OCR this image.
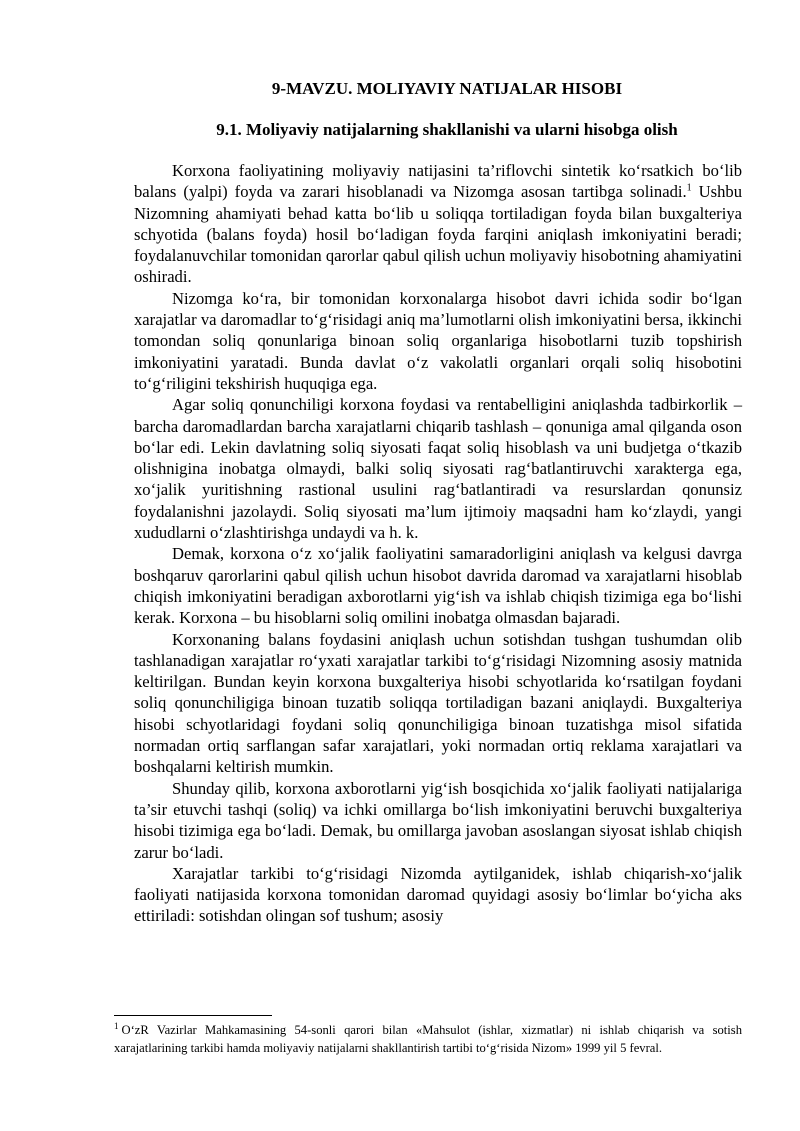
9-MAVZU. MOLIYAVIY NATIJALAR HISOBI
9.1. Moliyaviy natijalarning shakllanishi va ularni hisobga olish

Korxona faoliyatining moliyaviy natijasini ta’riflovchi sintetik ko‘rsatkich bo‘lib balans (yalpi) foyda va zarari hisoblanadi va Nizomga asosan tartibga solinadi.$^1$ Ushbu Nizomning ahamiyati behad katta bo‘lib u soliqqa tortiladigan foyda bilan buxgalteriya schyotida (balans foyda) hosil bo‘ladigan foyda farqini aniqlash imkoniyatini beradi; foydalanuvchilar tomonidan qarorlar qabul qilish uchun moliyaviy hisobotning ahamiyatini oshiradi.

Nizomga ko‘ra, bir tomonidan korxonalarga hisobot davri ichida sodir bo‘lgan xarajatlar va daromadlar to‘g‘risidagi aniq ma’lumotlarni olish imkoniyatini bersa, ikkinchi tomondan soliq qonunlariga binoan soliq organlariga hisobotlarni tuzib topshirish imkoniyatini yaratadi. Bunda davlat o‘z vakolatli organlari orqali soliq hisobotini to‘g‘riligini tekshirish huquqiga ega.

Agar soliq qonunchiligi korxona foydasi va rentabelligini aniqlashda tadbirkorlik – barcha daromadlardan barcha xarajatlarni chiqarib tashlash – qonuniga amal qilganda oson bo‘lar edi. Lekin davlatning soliq siyosati faqat soliq hisoblash va uni budjetga o‘tkazib olishnigina inobatga olmaydi, balki soliq siyosati rag‘batlantiruvchi xarakterga ega, xo‘jalik yuritishning rastional usulini rag‘batlantiradi va resurslardan qonunsiz foydalanishni jazolaydi. Soliq siyosati ma’lum ijtimoiy maqsadni ham ko‘zlaydi, yangi xududlarni o‘zlashtirishga undaydi va h. k.

Demak, korxona o‘z xo‘jalik faoliyatini samaradorligini aniqlash va kelgusi davrga boshqaruv qarorlarini qabul qilish uchun hisobot davrida daromad va xarajatlarni hisoblab chiqish imkoniyatini beradigan axborotlarni yig‘ish va ishlab chiqish tizimiga ega bo‘lishi kerak. Korxona – bu hisoblarni soliq omilini inobatga olmasdan bajaradi.

Korxonaning balans foydasini aniqlash uchun sotishdan tushgan tushumdan olib tashlanadigan xarajatlar ro‘yxati xarajatlar tarkibi to‘g‘risidagi Nizomning asosiy matnida keltirilgan. Bundan keyin korxona buxgalteriya hisobi schyotlarida ko‘rsatilgan foydani soliq qonunchiligiga binoan tuzatib soliqqa tortiladigan bazani aniqlaydi. Buxgalteriya hisobi schyotlaridagi foydani soliq qonunchiligiga binoan tuzatishga misol sifatida normadan ortiq sarflangan safar xarajatlari, yoki normadan ortiq reklama xarajatlari va boshqalarni keltirish mumkin.

Shunday qilib, korxona axborotlarni yig‘ish bosqichida xo‘jalik faoliyati natijalariga ta’sir etuvchi tashqi (soliq) va ichki omillarga bo‘lish imkoniyatini beruvchi buxgalteriya hisobi tizimiga ega bo‘ladi. Demak, bu omillarga javoban asoslangan siyosat ishlab chiqish zarur bo‘ladi.

Xarajatlar tarkibi to‘g‘risidagi Nizomda aytilganidek, ishlab chiqarish-xo‘jalik faoliyati natijasida korxona tomonidan daromad quyidagi asosiy bo‘limlar bo‘yicha aks ettiriladi: sotishdan olingan sof tushum; asosiy

$^1$ O‘zR Vazirlar Mahkamasining 54-sonli qarori bilan «Mahsulot (ishlar, xizmatlar) ni ishlab chiqarish va sotish xarajatlarining tarkibi hamda moliyaviy natijalarni shakllantirish tartibi to‘g‘risida Nizom» 1999 yil 5 fevral.
